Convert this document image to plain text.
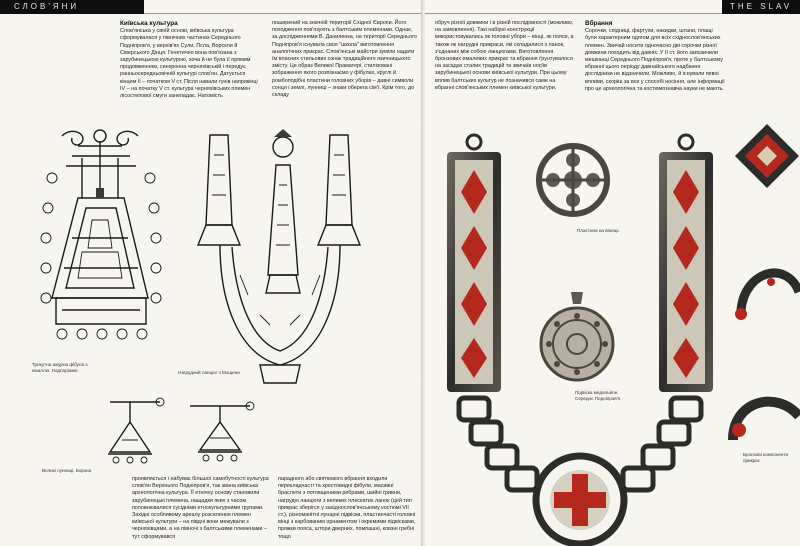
СЛОВ'ЯНИ
Київська культура

Слов'янська у своїй основі, київська культура сформувалася у північних частинах Середнього Подніпров'я, у верхів'ях Сули, Псла, Ворскли й Сіверського Дінця. Генетично вона пов'язана з зарубинецькою культурою, хоча й не була її прямим продовженням, синхронна черняхівській і передує ранньосередньовічній культурі слов'ян. Датується кінцем II – початком V ст. Після навали гунів наприкінці IV – на початку V ст. культура черняхівських племен лісостепової смуги занепадає. Натомість

поширений на значній території Східної Європи. Його походження пов'язують з балтським племенами. Однак, за дослідженнями В. Даниленка, на території Середнього Подніпров'я існувала своя "школа" виготовлення аналогічних прикрас. Слов'янські майстри зуміли надати їм власних стильових ознак традиційного язичницького змісту. Це образ Великої Праматері, стилізовані зображення якого розпізнаємо у фібулах, круглі й ромбоподібні пластини головних уборів – давні символи сонця і землі, лунниці – знаки оберега сім'ї. Крім того, до складу

Трикутна ажурна фібула з емаллю. Надпоріжжя	Нагрудний ланцюг з Мощени
Великі лунниці. Борзна

проявляється і набуває більшої самобутності культура слов'ян Верхнього Подніпров'я, так звана київська археологічна культура. ЇЇ етнічну основу становили зарубинецькі племена, нащадки яких з часом поповнювалися сусідніми етнокультурними групами. Західні особливому ареалу розселення племен київської культури – на півдні вони межували з черняхівцями, а на півночі з балтськими племенами – тут сформувався

парадного або святкового вбрання входили перекладчасті та хрестовидні фібули, масивні браслети з потовщеними ребрами, шийні гривни, нагрудні ланцюги з великих плескатих ланок (цей тип прикрас зберігся у західнослов'янському костюмі VII ст.), різноманітні лунарні підвіски, пластинчасті головні вінці з карбованим орнаментом і окремими підвісками, пряжки пояса, штори дверних, помпашні, ковзні гребні тощо

THE SLAV

обруч різної довжини і в різній послідовності (можливо, на замовлення). Такі набірні конструкції використовувались як головні убори – вінці, як пояси, а також як нагрудні прикраси, які складалися з ланок, з'єднаних між собою ланцюгами. Виготовлення бронзових емалевих прикрас та вбрання ґрунтувалося на засадах сталих традицій та звичаїв носіїв зарубинецької основи київської культури. При цьому вплив балтських культур не позначився саме на вбранні слов'янських племен київської культури.

Вбрання

Сорочки, спідниці, фартухи, накидки, штани, плащі були характерним одягом для всіх східнослов'янських племен. Звичай носити одночасно дві сорочки різної довжини походить від давніх. У II ст. його запозичили мешканці Середнього Подніпров'я, проте у балтському вбранні цього періоду давнайського надбання дослідники не відзначили. Можливо, й існували певні впливи, скоріш за все у способі носіння, але інформації про це археологічна та костюмознавча науки не мають.

Пластина на вінець
Підвіска медальйон. Середнє Подніпров'я
Бронзові компоненти прикрас
